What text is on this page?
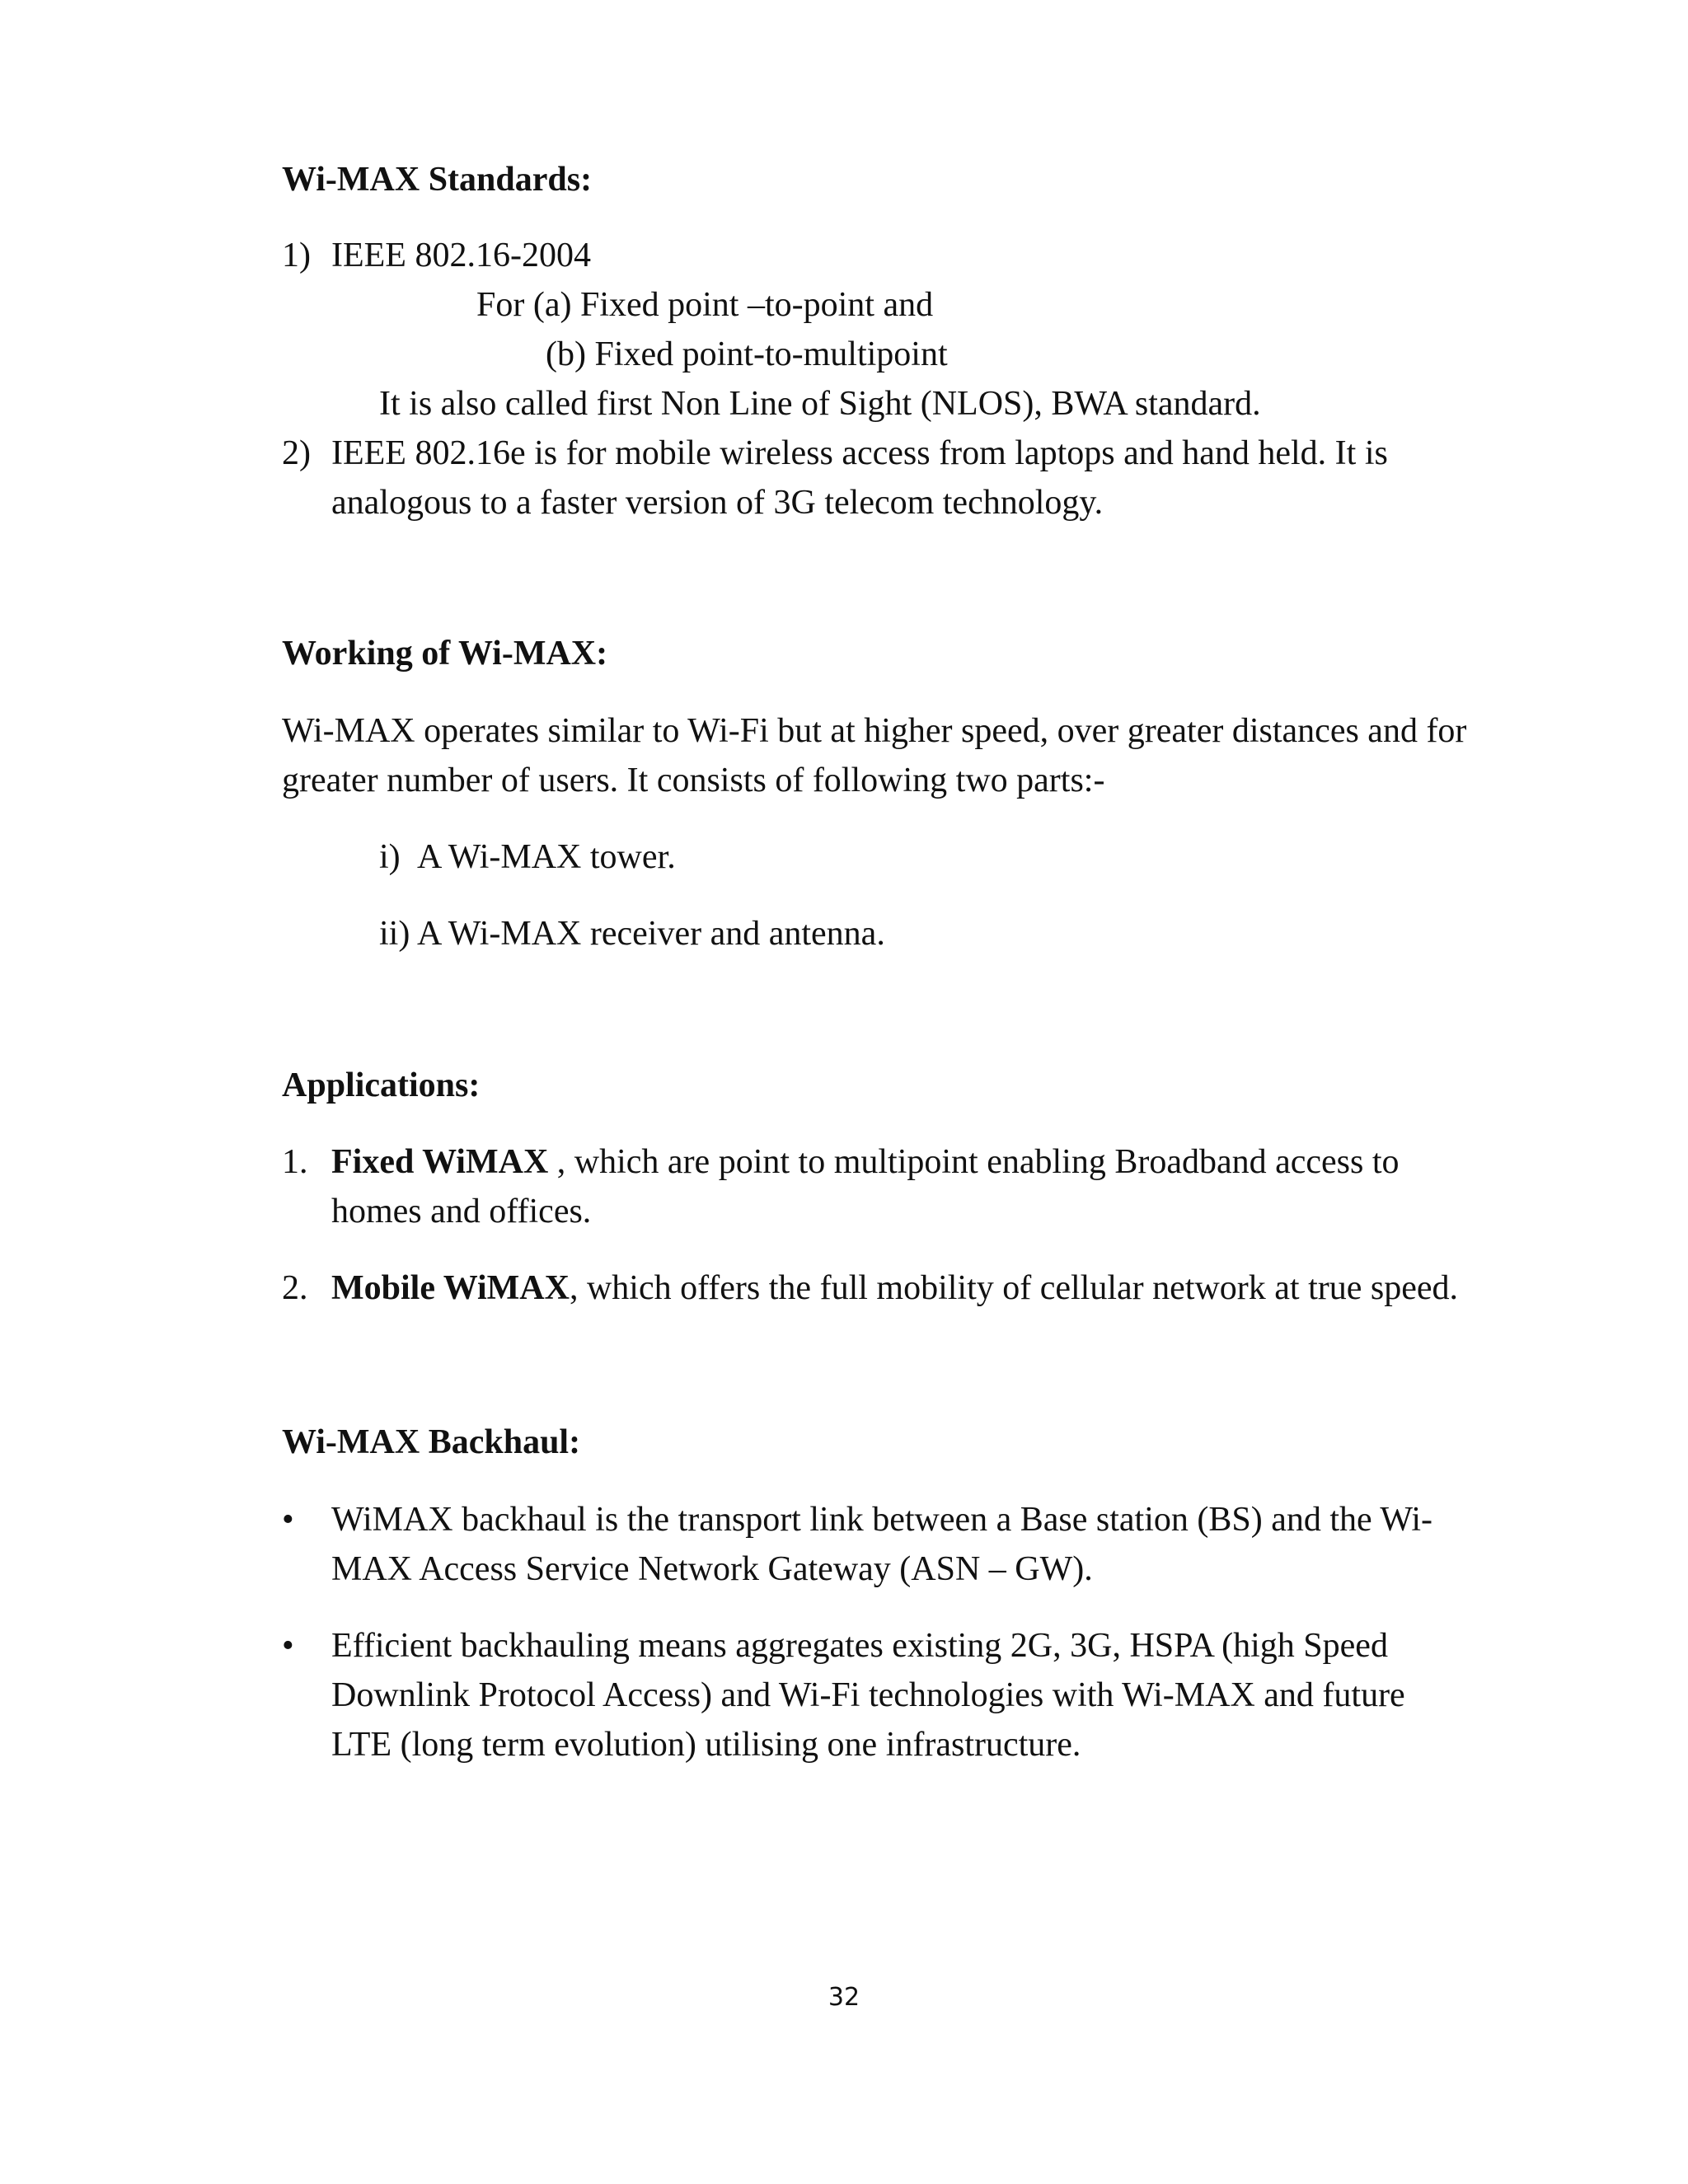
Wi-MAX Standards:
1) IEEE 802.16-2004
For (a) Fixed point –to-point and
(b) Fixed point-to-multipoint
It is also called first Non Line of Sight (NLOS), BWA standard.
2) IEEE 802.16e is for mobile wireless access from laptops and hand held. It is
analogous to a faster version of 3G telecom technology.
Working of Wi-MAX:
Wi-MAX operates similar to Wi-Fi but at higher speed, over greater distances and for
greater number of users. It consists of following two parts:-
i) A Wi-MAX tower.
ii) A Wi-MAX receiver and antenna.
Applications:
1. Fixed WiMAX , which are point to multipoint enabling Broadband access to
homes and offices.
2. Mobile WiMAX, which offers the full mobility of cellular network at true speed.
Wi-MAX Backhaul:
• WiMAX backhaul is the transport link between a Base station (BS) and the Wi-
MAX Access Service Network Gateway (ASN – GW).
• Efficient backhauling means aggregates existing 2G, 3G, HSPA (high Speed
Downlink Protocol Access) and Wi-Fi technologies with Wi-MAX and future
LTE (long term evolution) utilising one infrastructure.
32
